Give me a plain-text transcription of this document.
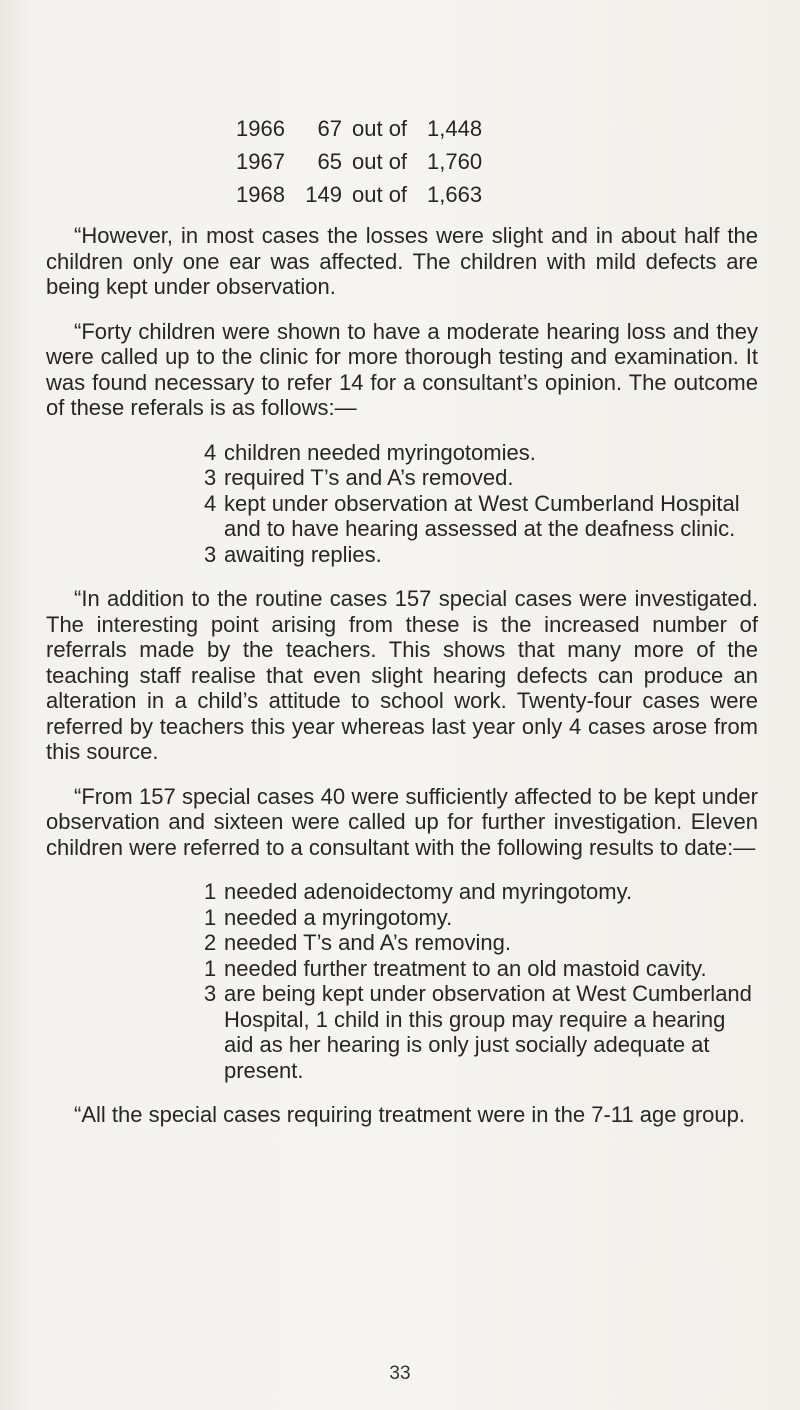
1966	67 out of 1,448
1967	65 out of 1,760
1968 149 out of 1,663

“However, in most cases the losses were slight and in about half the children only one ear was affected. The children with mild defects are being kept under observation.

“Forty children were shown to have a moderate hearing loss and they were called up to the clinic for more thorough testing and examination. It was found necessary to refer 14 for a consultant’s opinion. The outcome of these referals is as follows:—

4 children needed myringotomies.
3 required T’s and A’s removed.
4 kept under observation at West Cumberland Hospital and to have hearing assessed at the deafness clinic.
3 awaiting replies.

“In addition to the routine cases 157 special cases were investigated. The interesting point arising from these is the increased number of referrals made by the teachers. This shows that many more of the teaching staff realise that even slight hearing defects can produce an alteration in a child’s attitude to school work. Twenty-four cases were referred by teachers this year whereas last year only 4 cases arose from this source.

“From 157 special cases 40 were sufficiently affected to be kept under observation and sixteen were called up for further investigation. Eleven children were referred to a consultant with the following results to date:—

1 needed adenoidectomy and myringotomy.
1 needed a myringotomy.
2 needed T’s and A’s removing.
1 needed further treatment to an old mastoid cavity.
3 are being kept under observation at West Cumberland Hospital, 1 child in this group may require a hearing aid as her hearing is only just socially adequate at present.

“All the special cases requiring treatment were in the 7-11 age group.

33
